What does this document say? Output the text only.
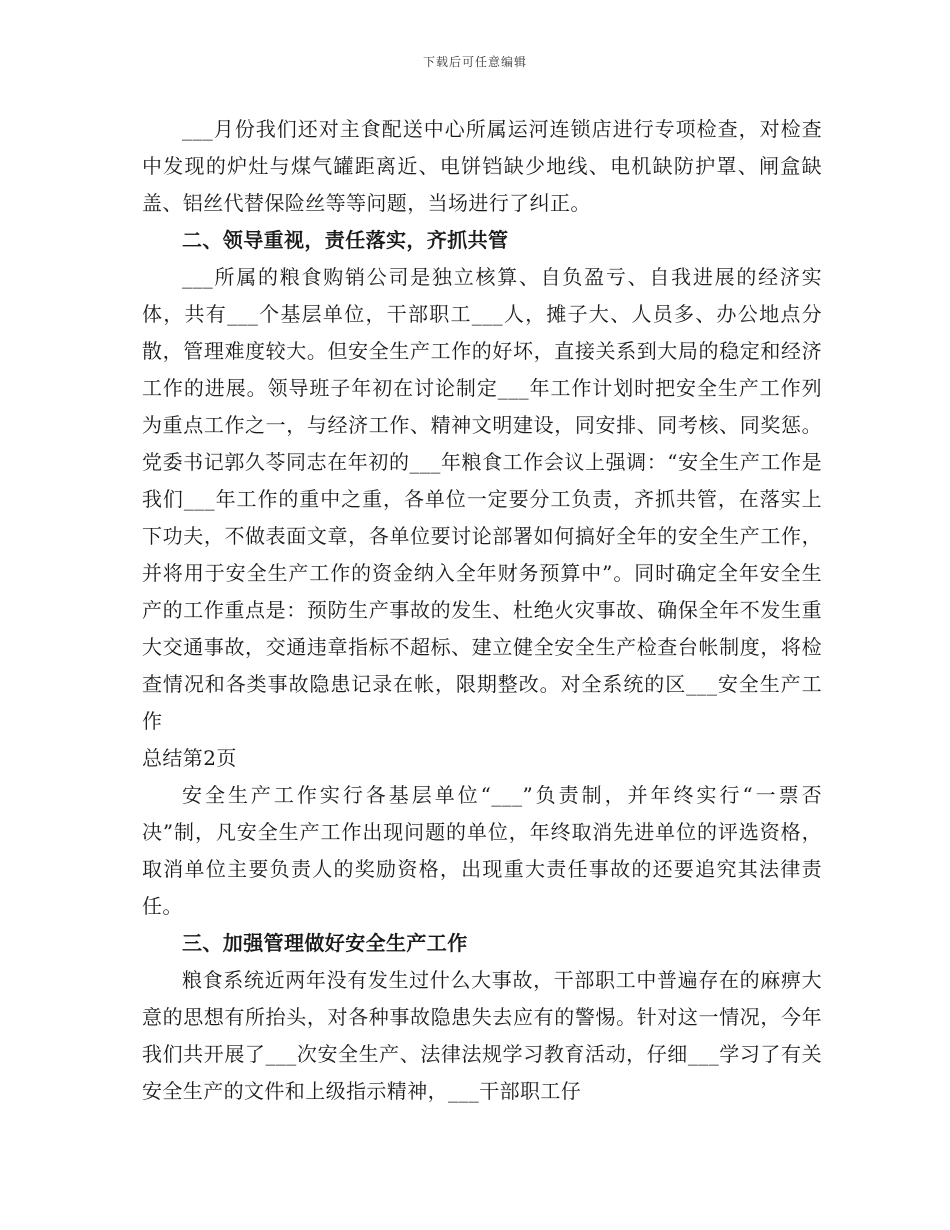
下载后可任意编辑

___月份我们还对主食配送中心所属运河连锁店进行专项检查，对检查中发现的炉灶与煤气罐距离近、电饼铛缺少地线、电机缺防护罩、闸盒缺盖、铝丝代替保险丝等等问题，当场进行了纠正。

二、领导重视，责任落实，齐抓共管

___所属的粮食购销公司是独立核算、自负盈亏、自我进展的经济实体，共有___个基层单位，干部职工___人，摊子大、人员多、办公地点分散，管理难度较大。但安全生产工作的好坏，直接关系到大局的稳定和经济工作的进展。领导班子年初在讨论制定___年工作计划时把安全生产工作列为重点工作之一，与经济工作、精神文明建设，同安排、同考核、同奖惩。党委书记郭久苓同志在年初的___年粮食工作会议上强调：“安全生产工作是我们___年工作的重中之重，各单位一定要分工负责，齐抓共管，在落实上下功夫，不做表面文章，各单位要讨论部署如何搞好全年的安全生产工作，并将用于安全生产工作的资金纳入全年财务预算中”。同时确定全年安全生产的工作重点是：预防生产事故的发生、杜绝火灾事故、确保全年不发生重大交通事故，交通违章指标不超标、建立健全安全生产检查台帐制度，将检查情况和各类事故隐患记录在帐，限期整改。对全系统的区___安全生产工作

总结第2页

安全生产工作实行各基层单位“___”负责制，并年终实行“一票否决”制，凡安全生产工作出现问题的单位，年终取消先进单位的评选资格，取消单位主要负责人的奖励资格，出现重大责任事故的还要追究其法律责任。

三、加强管理做好安全生产工作

粮食系统近两年没有发生过什么大事故，干部职工中普遍存在的麻痹大意的思想有所抬头，对各种事故隐患失去应有的警惕。针对这一情况，今年我们共开展了___次安全生产、法律法规学习教育活动，仔细___学习了有关安全生产的文件和上级指示精神，___干部职工仔
